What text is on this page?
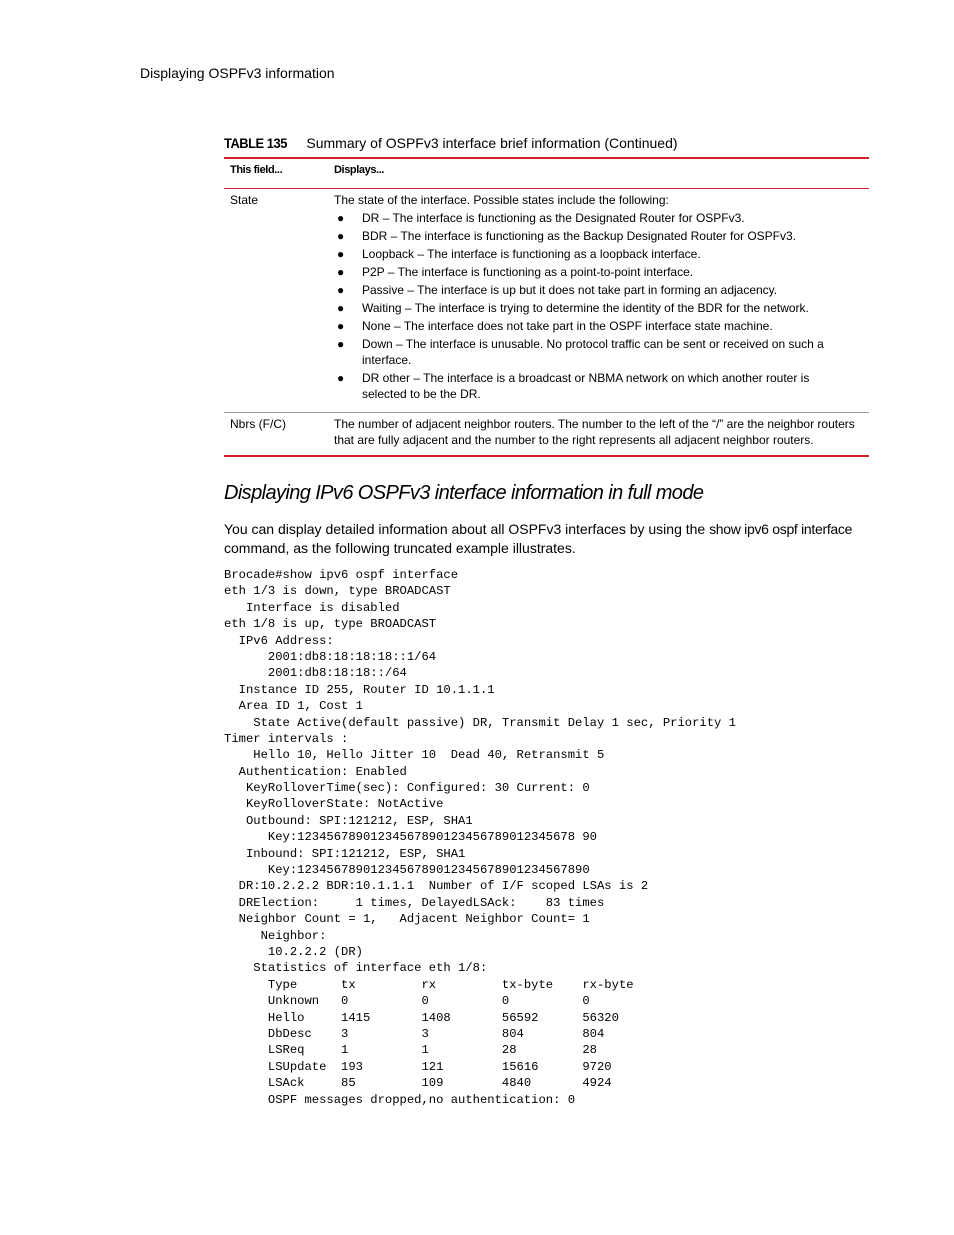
Displaying OSPFv3 information
TABLE 135 Summary of OSPFv3 interface brief information (Continued)
This field...	Displays...
State	The state of the interface. Possible states include the following:
● DR – The interface is functioning as the Designated Router for OSPFv3.
● BDR – The interface is functioning as the Backup Designated Router for OSPFv3.
● Loopback – The interface is functioning as a loopback interface.
● P2P – The interface is functioning as a point-to-point interface.
● Passive – The interface is up but it does not take part in forming an adjacency.
● Waiting – The interface is trying to determine the identity of the BDR for the network.
● None – The interface does not take part in the OSPF interface state machine.
● Down – The interface is unusable. No protocol traffic can be sent or received on such a interface.
● DR other – The interface is a broadcast or NBMA network on which another router is selected to be the DR.
Nbrs (F/C)	The number of adjacent neighbor routers. The number to the left of the “/” are the neighbor routers that are fully adjacent and the number to the right represents all adjacent neighbor routers.
Displaying IPv6 OSPFv3 interface information in full mode
You can display detailed information about all OSPFv3 interfaces by using the show ipv6 ospf interface command, as the following truncated example illustrates.
Brocade#show ipv6 ospf interface
eth 1/3 is down, type BROADCAST
Interface is disabled
eth 1/8 is up, type BROADCAST
IPv6 Address:
2001:db8:18:18:18::1/64
2001:db8:18:18::/64
Instance ID 255, Router ID 10.1.1.1
Area ID 1, Cost 1
State Active(default passive) DR, Transmit Delay 1 sec, Priority 1
Timer intervals :
Hello 10, Hello Jitter 10  Dead 40, Retransmit 5
Authentication: Enabled
KeyRolloverTime(sec): Configured: 30 Current: 0
KeyRolloverState: NotActive
Outbound: SPI:121212, ESP, SHA1
Key:12345678901234567890123456789012345678 90
Inbound: SPI:121212, ESP, SHA1
Key:1234567890123456789012345678901234567890
DR:10.2.2.2 BDR:10.1.1.1  Number of I/F scoped LSAs is 2
DRElection:     1 times, DelayedLSAck:    83 times
Neighbor Count = 1,   Adjacent Neighbor Count= 1
Neighbor:
10.2.2.2 (DR)
Statistics of interface eth 1/8:
Type      tx         rx         tx-byte    rx-byte
Unknown   0          0          0          0
Hello     1415       1408       56592      56320
DbDesc    3          3          804        804
LSReq     1          1          28         28
LSUpdate  193        121        15616      9720
LSAck     85         109        4840       4924
OSPF messages dropped,no authentication: 0
